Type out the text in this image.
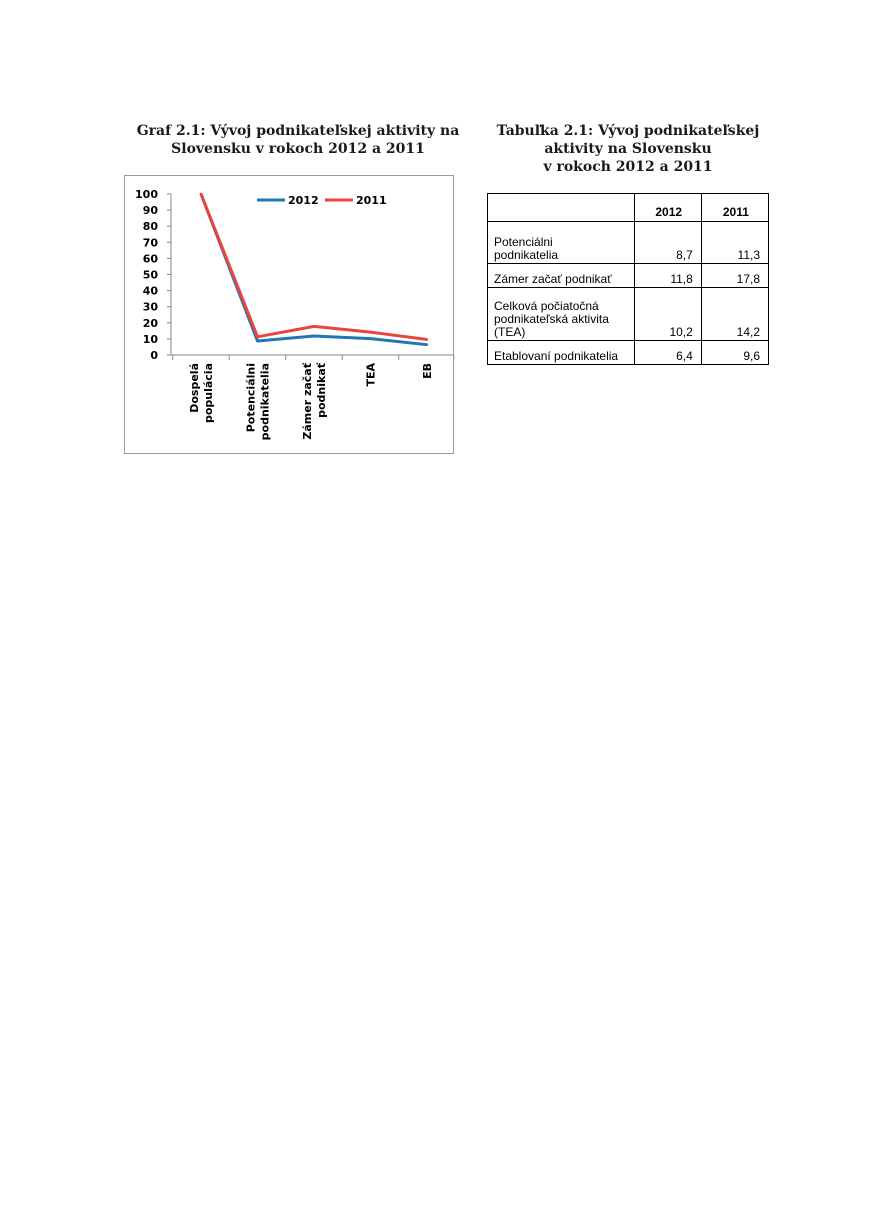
Graf 2.1: Vývoj podnikateľskej aktivity na
Slovensku v rokoch 2012 a 2011
Tabuľka 2.1: Vývoj podnikateľskej
aktivity na Slovensku
v rokoch 2012 a 2011
0
10
20
30
40
50
60
70
80
90
100
Dospelá populácia	Potenciálni podnikatelia	Zámer začať podnikať	TEA	EB
2012	2011
	2012	2011

Potenciálni
podnikatelia	8,7	11,3

Zámer začať podnikať	11,8	17,8

Celková počiatočná
podnikateľská aktivita
(TEA)	10,2	14,2

Etablovaní podnikatelia	6,4	9,6
